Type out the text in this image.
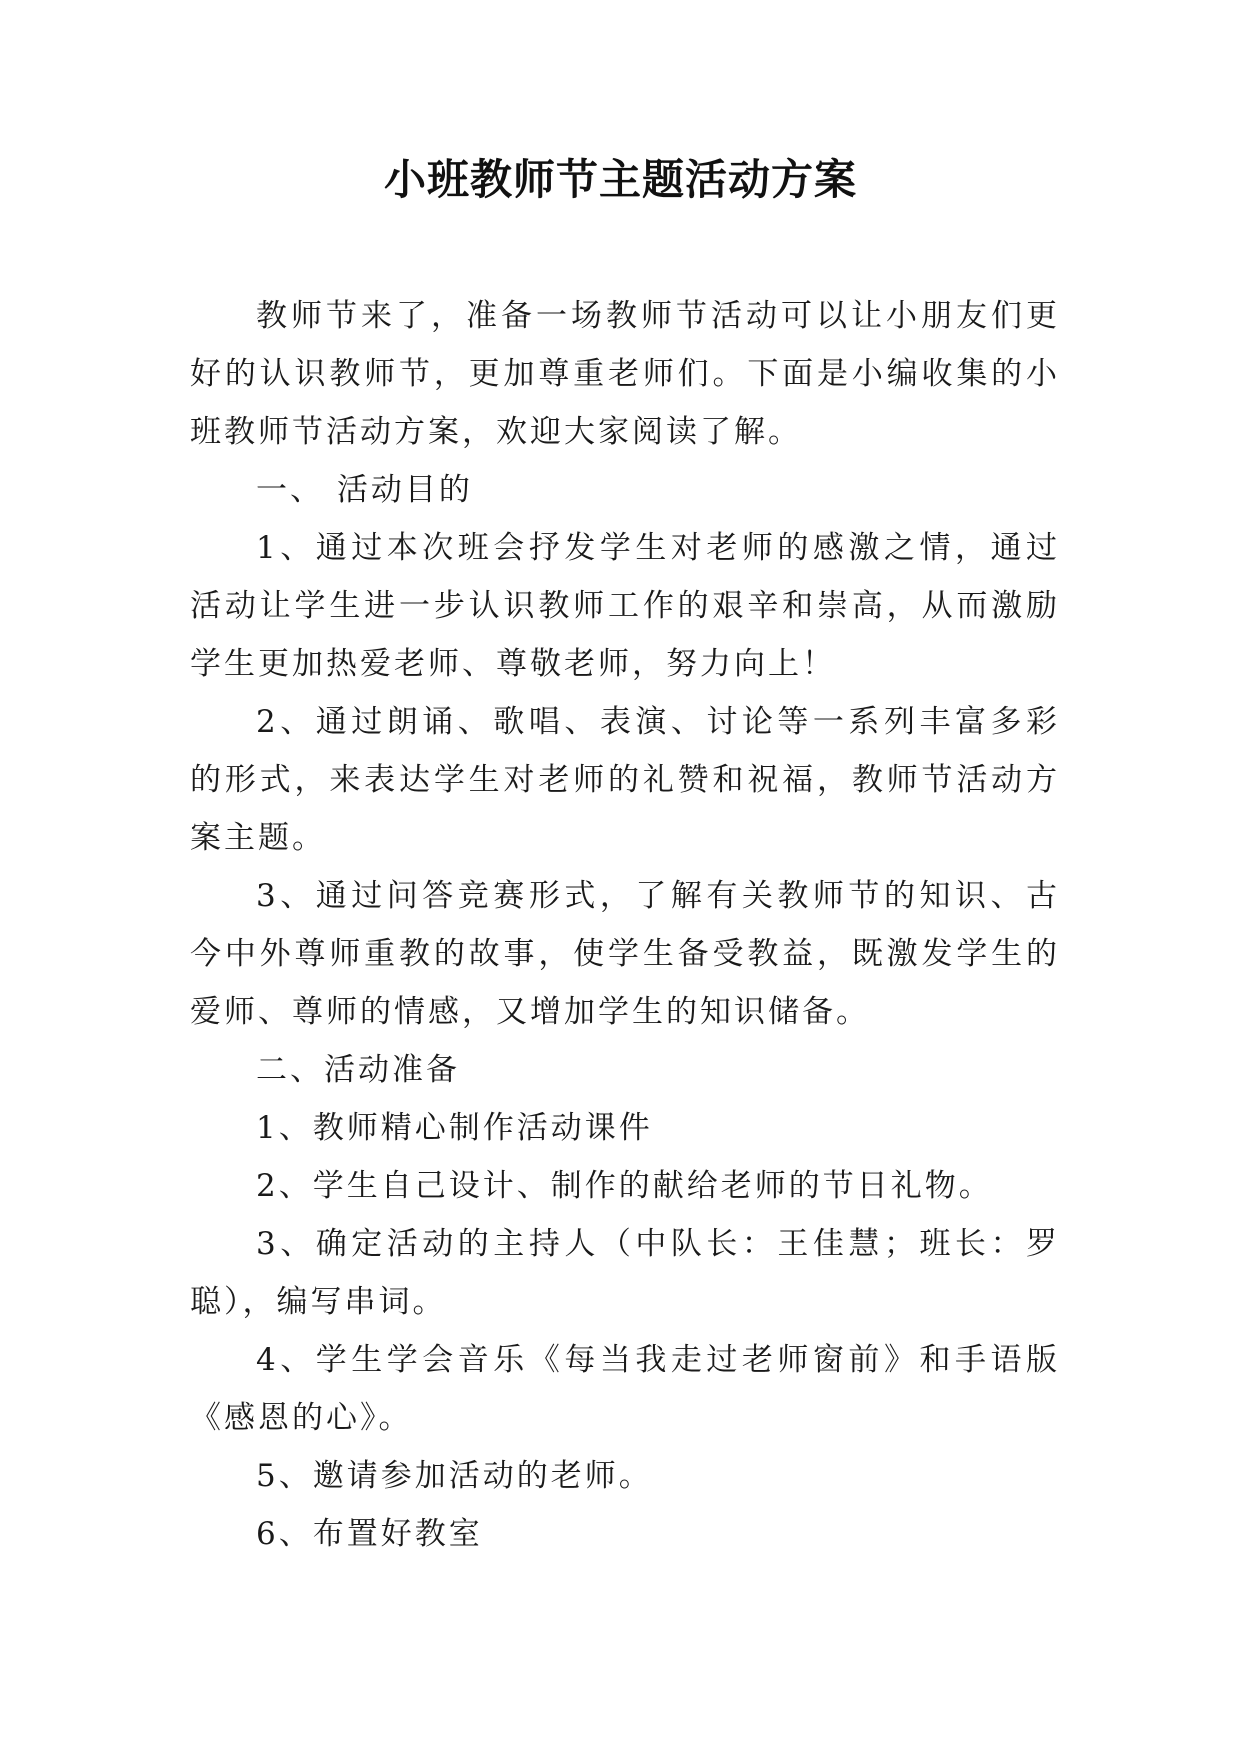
小班教师节主题活动方案

教师节来了，准备一场教师节活动可以让小朋友们更好的认识教师节，更加尊重老师们。下面是小编收集的小班教师节活动方案，欢迎大家阅读了解。

一、 活动目的

1、通过本次班会抒发学生对老师的感激之情，通过活动让学生进一步认识教师工作的艰辛和崇高，从而激励学生更加热爱老师、尊敬老师，努力向上！

2、通过朗诵、歌唱、表演、讨论等一系列丰富多彩的形式，来表达学生对老师的礼赞和祝福，教师节活动方案主题。

3、通过问答竞赛形式，了解有关教师节的知识、古今中外尊师重教的故事，使学生备受教益，既激发学生的爱师、尊师的情感，又增加学生的知识储备。

二、活动准备

1、教师精心制作活动课件

2、学生自己设计、制作的献给老师的节日礼物。

3、确定活动的主持人（中队长：王佳慧；班长：罗聪），编写串词。

4、学生学会音乐《每当我走过老师窗前》和手语版《感恩的心》。

5、邀请参加活动的老师。

6、布置好教室
